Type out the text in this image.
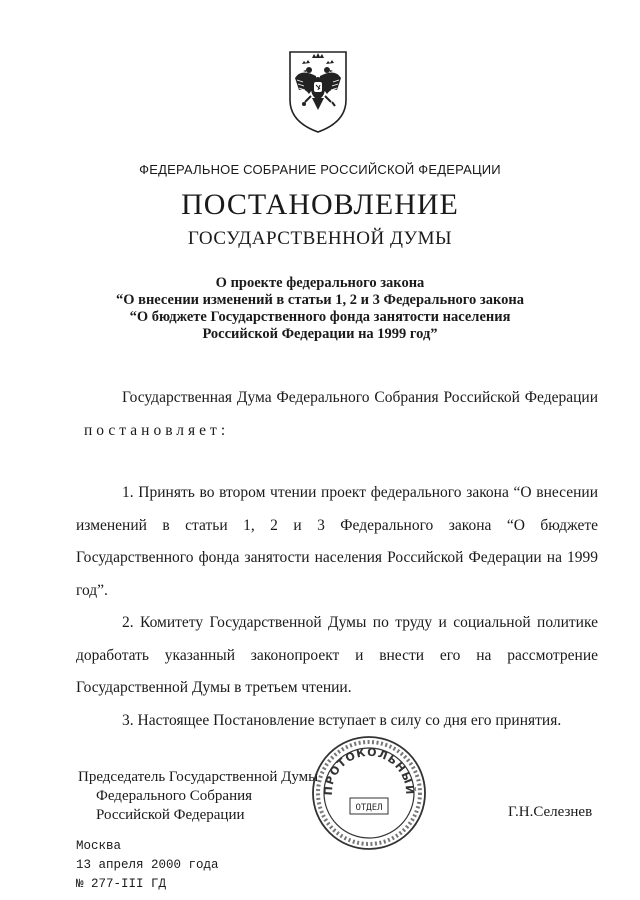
ФЕДЕРАЛЬНОЕ СОБРАНИЕ РОССИЙСКОЙ ФЕДЕРАЦИИ
ПОСТАНОВЛЕНИЕ
ГОСУДАРСТВЕННОЙ ДУМЫ
О проекте федерального закона
“О внесении изменений в статьи 1, 2 и 3 Федерального закона
“О бюджете Государственного фонда занятости населения
Российской Федерации на 1999 год”

Государственная Дума Федерального Собрания Российской Федерации постановляет:

1. Принять во втором чтении проект федерального закона “О внесении изменений в статьи 1, 2 и 3 Федерального закона “О бюджете Государственного фонда занятости населения Российской Федерации на 1999 год”.

2. Комитету Государственной Думы по труду и социальной политике доработать указанный законопроект и внести его на рассмотрение Государственной Думы в третьем чтении.

3. Настоящее Постановление вступает в силу со дня его принятия.

Председатель Государственной Думы
Федерального Собрания
Российской Федерации
ПРОТОКОЛЬНЫЙ
ОТДЕЛ	Г.Н.Селезнев
Москва
13 апреля 2000 года
№ 277-III ГД
